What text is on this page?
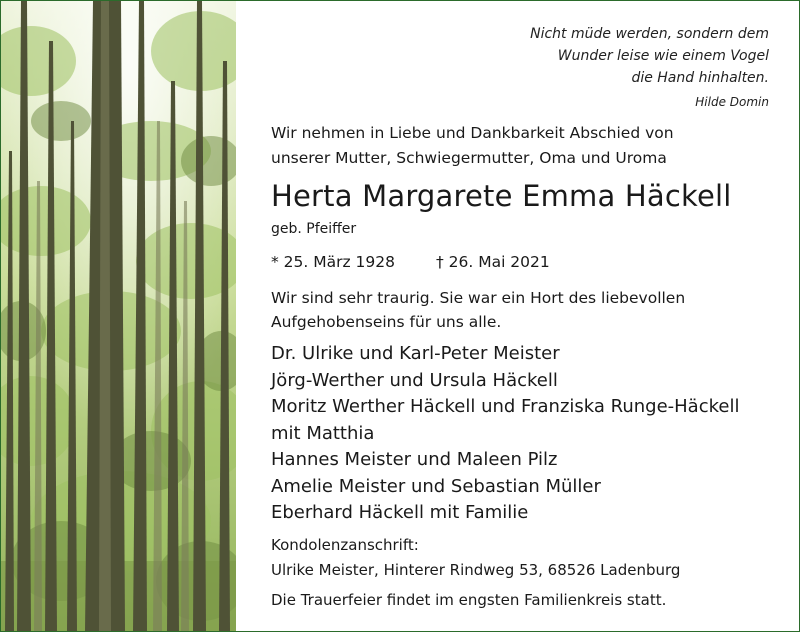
Nicht müde werden, sondern dem
Wunder leise wie einem Vogel
die Hand hinhalten.
Hilde Domin
Wir nehmen in Liebe und Dankbarkeit Abschied von
unserer Mutter, Schwiegermutter, Oma und Uroma
Herta Margarete Emma Häckell
geb. Pfeiffer
* 25. März 1928	† 26. Mai 2021
Wir sind sehr traurig. Sie war ein Hort des liebevollen
Aufgehobenseins für uns alle.
Dr. Ulrike und Karl-Peter Meister
Jörg-Werther und Ursula Häckell
Moritz Werther Häckell und Franziska Runge-Häckell
mit Matthia
Hannes Meister und Maleen Pilz
Amelie Meister und Sebastian Müller
Eberhard Häckell mit Familie
Kondolenzanschrift:
Ulrike Meister, Hinterer Rindweg 53, 68526 Ladenburg
Die Trauerfeier findet im engsten Familienkreis statt.
